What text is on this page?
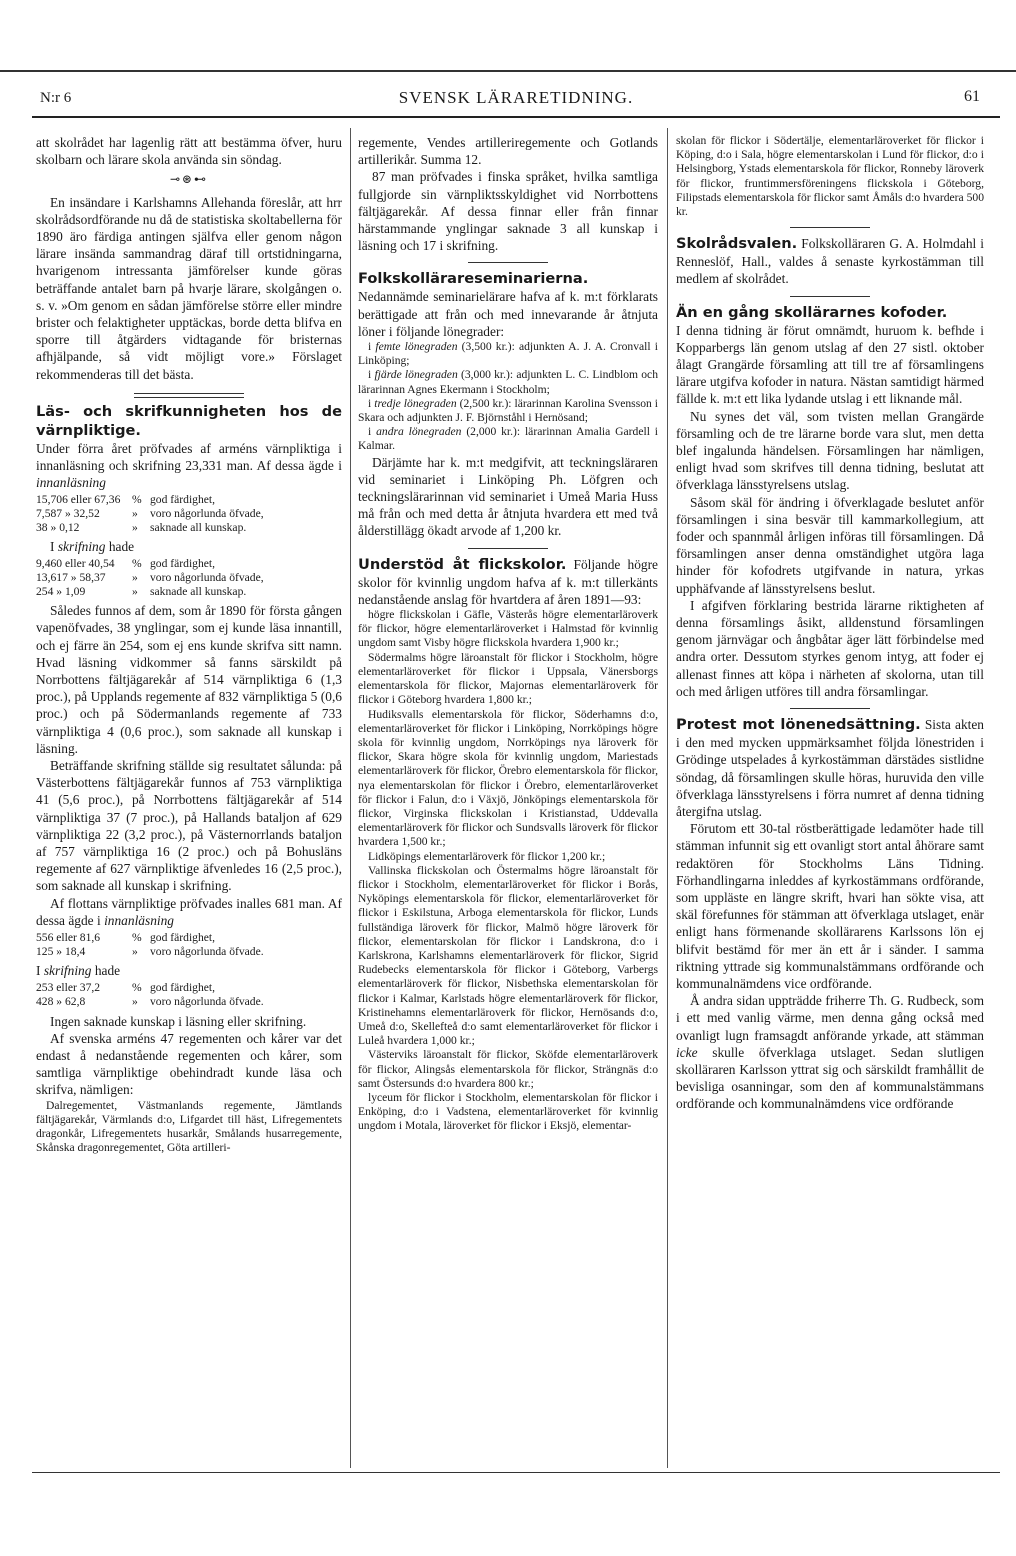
N:r 6	SVENSK LÄRARETIDNING.	61

att skolrådet har lagenlig rätt att bestämma öfver, huru skolbarn och lärare skola använda sin söndag.

⊸⊛⊷

En insändare i Karlshamns Allehanda föreslår, att hrr skolrådsordförande nu då de statistiska skoltabellerna för 1890 äro färdiga antingen själfva eller genom någon lärare insända sammandrag däraf till ortstidningarna, hvarigenom intressanta jämförelser kunde göras beträffande antalet barn på hvarje lärare, skolgången o. s. v. »Om genom en sådan jämförelse större eller mindre brister och felaktigheter upptäckas, borde detta blifva en sporre till åtgärders vidtagande för bristernas afhjälpande, så vidt möjligt vore.» Förslaget rekommenderas till det bästa.

Läs- och skrifkunnigheten hos de värnpliktige.

Under förra året pröfvades af arméns värnpliktiga i innanläsning och skrifning 23,331 man. Af dessa ägde i innanläsning

15,706 eller 67,36	% god färdighet,
7,587 » 32,52	»	voro någorlunda öfvade,
38 » 0,12	»	saknade all kunskap.

I skrifning hade

9,460 eller 40,54	% god färdighet,
13,617 » 58,37	»	voro någorlunda öfvade,
254 » 1,09	»	saknade all kunskap.

Således funnos af dem, som år 1890 för första gången vapenöfvades, 38 ynglingar, som ej kunde läsa innantill, och ej färre än 254, som ej ens kunde skrifva sitt namn. Hvad läsning vidkommer så fanns särskildt på Norrbottens fältjägarekår af 514 värnpliktiga 6 (1,3 proc.), på Upplands regemente af 832 värnpliktiga 5 (0,6 proc.) och på Södermanlands regemente af 733 värnpliktiga 4 (0,6 proc.), som saknade all kunskap i läsning.

Beträffande skrifning ställde sig resultatet sålunda: på Västerbottens fältjägarekår funnos af 753 värnpliktiga 41 (5,6 proc.), på Norrbottens fältjägarekår af 514 värnpliktiga 37 (7 proc.), på Hallands bataljon af 629 värnpliktiga 22 (3,2 proc.), på Västernorrlands bataljon af 757 värnpliktiga 16 (2 proc.) och på Bohusläns regemente af 627 värnpliktige äfvenledes 16 (2,5 proc.), som saknade all kunskap i skrifning.

Af flottans värnpliktige pröfvades inalles 681 man. Af dessa ägde i innanläsning

556 eller 81,6	% god färdighet,
125 » 18,4	»	voro någorlunda öfvade.

I skrifning hade

253 eller 37,2	% god färdighet,
428 » 62,8	»	voro någorlunda öfvade.

Ingen saknade kunskap i läsning eller skrifning.

Af svenska arméns 47 regementen och kårer var det endast å nedanstående regementen och kårer, som samtliga värnpliktige obehindradt kunde läsa och skrifva, nämligen:

Dalregementet, Västmanlands regemente, Jämtlands fältjägarekår, Värmlands d:o, Lifgardet till häst, Lifregementets dragonkår, Lifregementets husarkår, Smålands husarregemente, Skånska dragonregementet, Göta artilleri-

regemente, Vendes artilleriregemente och Gotlands artillerikår. Summa 12.

87 man pröfvades i finska språket, hvilka samtliga fullgjorde sin värnpliktsskyldighet vid Norrbottens fältjägarekår. Af dessa finnar eller från finnar härstammande ynglingar saknade 3 all kunskap i läsning och 17 i skrifning.

Folkskollärareseminarierna. Nedannämde seminarielärare hafva af k. m:t förklarats berättigade att från och med innevarande år åtnjuta löner i följande lönegrader:

i femte lönegraden (3,500 kr.): adjunkten A. J. A. Cronvall i Linköping;

i fjärde lönegraden (3,000 kr.): adjunkten L. C. Lindblom och lärarinnan Agnes Ekermann i Stockholm;

i tredje lönegraden (2,500 kr.): lärarinnan Karolina Svensson i Skara och adjunkten J. F. Björnståhl i Hernösand;

i andra lönegraden (2,000 kr.): lärarinnan Amalia Gardell i Kalmar.

Därjämte har k. m:t medgifvit, att teckningsläraren vid seminariet i Linköping Ph. Löfgren och teckningslärarinnan vid seminariet i Umeå Maria Huss må från och med detta år åtnjuta hvardera ett med två ålderstillägg ökadt arvode af 1,200 kr.

Understöd åt flickskolor. Följande högre skolor för kvinnlig ungdom hafva af k. m:t tillerkänts nedanstående anslag för hvartdera af åren 1891—93:

högre flickskolan i Gäfle, Västerås högre elementarläroverk för flickor, högre elementarläroverket i Halmstad för kvinnlig ungdom samt Visby högre flickskola hvardera 1,900 kr.;

Södermalms högre läroanstalt för flickor i Stockholm, högre elementarläroverket för flickor i Uppsala, Vänersborgs elementarskola för flickor, Majornas elementarläroverk för flickor i Göteborg hvardera 1,800 kr.;

Hudiksvalls elementarskola för flickor, Söderhamns d:o, elementarläroverket för flickor i Linköping, Norrköpings högre skola för kvinnlig ungdom, Norrköpings nya läroverk för flickor, Skara högre skola för kvinnlig ungdom, Mariestads elementarläroverk för flickor, Örebro elementarskola för flickor, nya elementarskolan för flickor i Örebro, elementarläroverket för flickor i Falun, d:o i Växjö, Jönköpings elementarskola för flickor, Virginska flickskolan i Kristianstad, Uddevalla elementarläroverk för flickor och Sundsvalls läroverk för flickor hvardera 1,500 kr.;

Lidköpings elementarläroverk för flickor 1,200 kr.;

Vallinska flickskolan och Östermalms högre läroanstalt för flickor i Stockholm, elementarläroverket för flickor i Borås, Nyköpings elementarskola för flickor, elementarläroverket för flickor i Eskilstuna, Arboga elementarskola för flickor, Lunds fullständiga läroverk för flickor, Malmö högre läroverk för flickor, elementarskolan för flickor i Landskrona, d:o i Karlskrona, Karlshamns elementarläroverk för flickor, Sigrid Rudebecks elementarskola för flickor i Göteborg, Varbergs elementarläroverk för flickor, Nisbethska elementarskolan för flickor i Kalmar, Karlstads högre elementarläroverk för flickor, Kristinehamns elementarläroverk för flickor, Hernösands d:o, Umeå d:o, Skellefteå d:o samt elementarläroverket för flickor i Luleå hvardera 1,000 kr.;

Västerviks läroanstalt för flickor, Sköfde elementarläroverk för flickor, Alingsås elementarskola för flickor, Strängnäs d:o samt Östersunds d:o hvardera 800 kr.;

lyceum för flickor i Stockholm, elementarskolan för flickor i Enköping, d:o i Vadstena, elementarläroverket för kvinnlig ungdom i Motala, läroverket för flickor i Eksjö, elementar-

skolan för flickor i Södertälje, elementarläroverket för flickor i Köping, d:o i Sala, högre elementarskolan i Lund för flickor, d:o i Helsingborg, Ystads elementarskola för flickor, Ronneby läroverk för flickor, fruntimmersföreningens flickskola i Göteborg, Filipstads elementarskola för flickor samt Åmåls d:o hvardera 500 kr.

Skolrådsvalen. Folkskolläraren G. A. Holmdahl i Renneslöf, Hall., valdes å senaste kyrkostämman till medlem af skolrådet.

Än en gång skollärarnes kofoder.

I denna tidning är förut omnämdt, huruom k. befhde i Kopparbergs län genom utslag af den 27 sistl. oktober ålagt Grangärde församling att till tre af församlingens lärare utgifva kofoder in natura. Nästan samtidigt härmed fällde k. m:t ett lika lydande utslag i ett liknande mål.

Nu synes det väl, som tvisten mellan Grangärde församling och de tre lärarne borde vara slut, men detta blef ingalunda händelsen. Församlingen har nämligen, enligt hvad som skrifves till denna tidning, beslutat att öfverklaga länsstyrelsens utslag.

Såsom skäl för ändring i öfverklagade beslutet anför församlingen i sina besvär till kammarkollegium, att foder och spannmål årligen införas till församlingen. Då församlingen anser denna omständighet utgöra laga hinder för kofodrets utgifvande in natura, yrkas upphäfvande af länsstyrelsens beslut.

I afgifven förklaring bestrida lärarne riktigheten af denna församlings åsikt, alldenstund församlingen genom järnvägar och ångbåtar äger lätt förbindelse med andra orter. Dessutom styrkes genom intyg, att foder ej allenast finnes att köpa i närheten af skolorna, utan till och med årligen utföres till andra församlingar.

Protest mot lönenedsättning. Sista akten i den med mycken uppmärksamhet följda lönestriden i Grödinge utspelades å kyrkostämman därstädes sistlidne söndag, då församlingen skulle höras, huruvida den ville öfverklaga länsstyrelsens i förra numret af denna tidning återgifna utslag.

Förutom ett 30-tal röstberättigade ledamöter hade till stämman infunnit sig ett ovanligt stort antal åhörare samt redaktören för Stockholms Läns Tidning. Förhandlingarna inleddes af kyrkostämmans ordförande, som uppläste en längre skrift, hvari han sökte visa, att skäl förefunnes för stämman att öfverklaga utslaget, enär enligt hans förmenande skollärarens Karlssons lön ej blifvit bestämd för mer än ett år i sänder. I samma riktning yttrade sig kommunalstämmans ordförande och kommunalnämdens vice ordförande.

Å andra sidan uppträdde friherre Th. G. Rudbeck, som i ett med vanlig värme, men denna gång också med ovanligt lugn framsagdt anförande yrkade, att stämman icke skulle öfverklaga utslaget. Sedan slutligen skolläraren Karlsson yttrat sig och särskildt framhållit de bevisliga osanningar, som den af kommunalstämmans ordförande och kommunalnämdens vice ordförande
